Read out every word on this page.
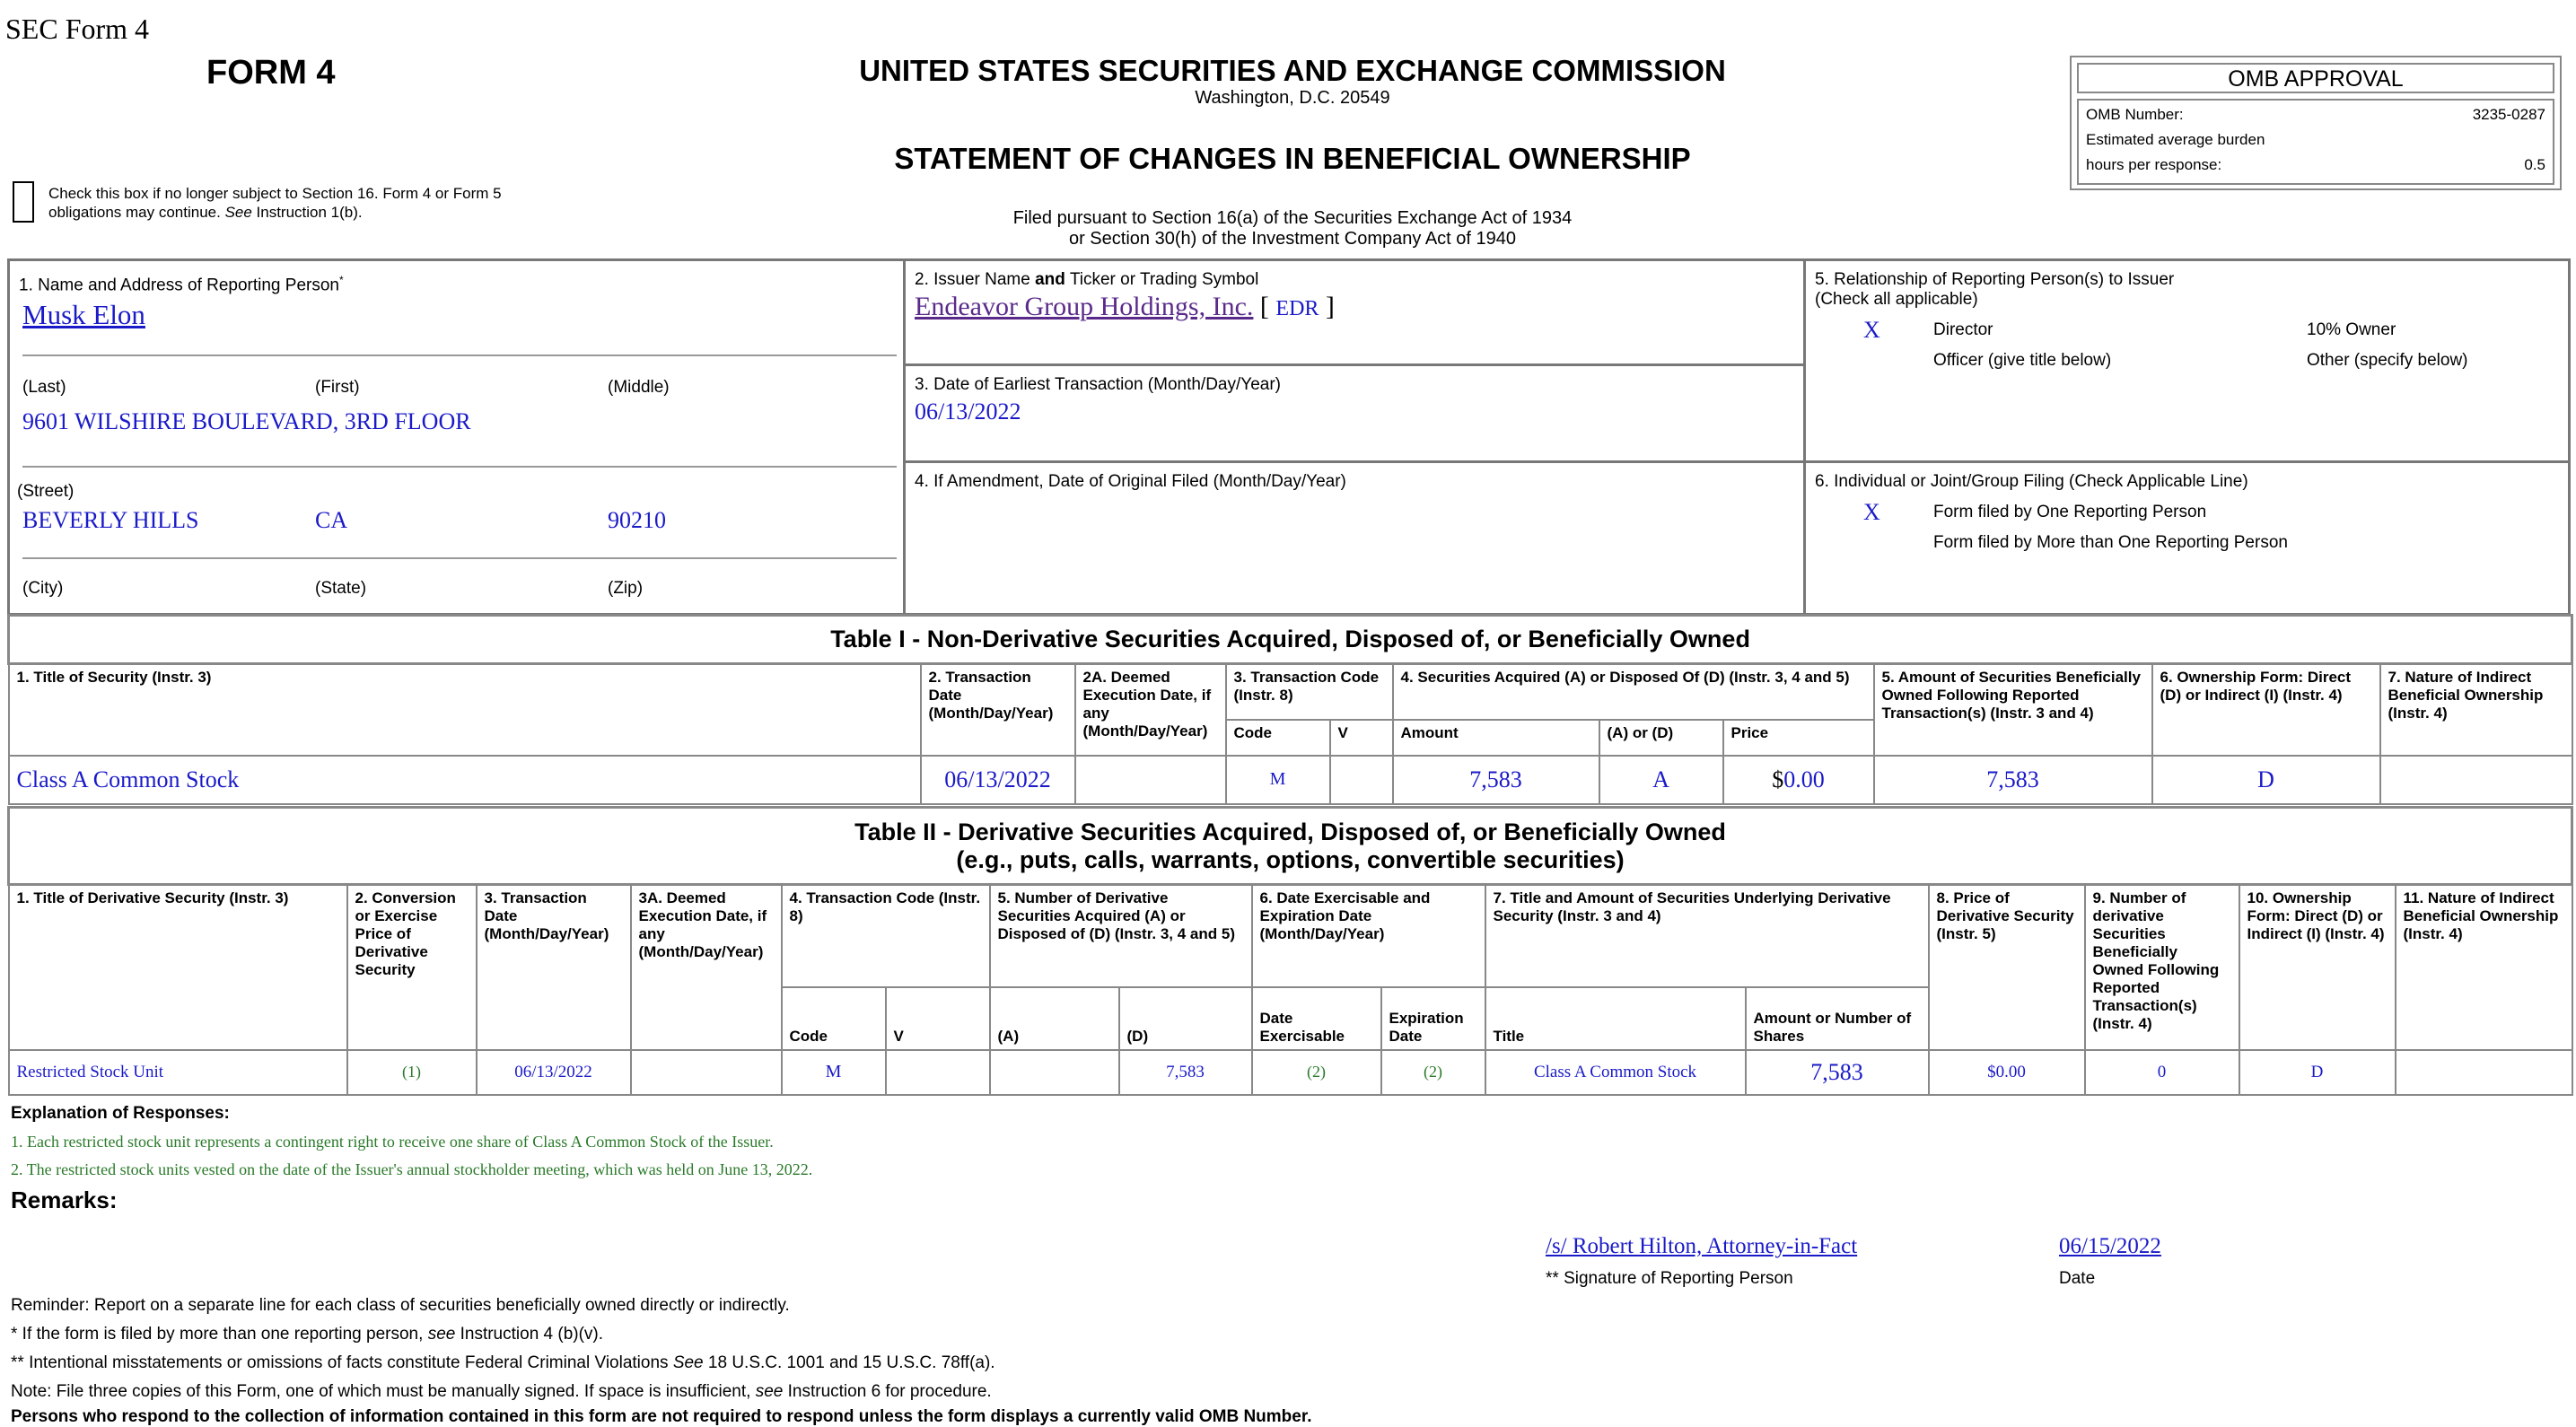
SEC Form 4
FORM 4	UNITED STATES SECURITIES AND EXCHANGE COMMISSION
Washington, D.C. 20549
STATEMENT OF CHANGES IN BENEFICIAL OWNERSHIP
Filed pursuant to Section 16(a) of the Securities Exchange Act of 1934
or Section 30(h) of the Investment Company Act of 1940
Check this box if no longer subject to Section 16. Form 4 or Form 5 obligations may continue. See Instruction 1(b).
OMB APPROVAL
OMB Number:	3235-0287
Estimated average burden
hours per response:	0.5
1. Name and Address of Reporting Person*
Musk Elon
(Last)	(First)	(Middle)
9601 WILSHIRE BOULEVARD, 3RD FLOOR
(Street)
BEVERLY HILLS	CA	90210
(City)	(State)	(Zip)
2. Issuer Name and Ticker or Trading Symbol
Endeavor Group Holdings, Inc. [ EDR ]
3. Date of Earliest Transaction (Month/Day/Year)
06/13/2022
4. If Amendment, Date of Original Filed (Month/Day/Year)
5. Relationship of Reporting Person(s) to Issuer
(Check all applicable)
X	Director	10% Owner
Officer (give title below)	Other (specify below)
6. Individual or Joint/Group Filing (Check Applicable Line)
X	Form filed by One Reporting Person
Form filed by More than One Reporting Person
Table I - Non-Derivative Securities Acquired, Disposed of, or Beneficially Owned										
1. Title of Security (Instr. 3)	2. Transaction Date (Month/Day/Year)	2A. Deemed Execution Date, if any (Month/Day/Year)	3. Transaction Code (Instr. 8)		4. Securities Acquired (A) or Disposed Of (D) (Instr. 3, 4 and 5)			5. Amount of Securities Beneficially Owned Following Reported Transaction(s) (Instr. 3 and 4)	6. Ownership Form: Direct (D) or Indirect (I) (Instr. 4)	7. Nature of Indirect Beneficial Ownership (Instr. 4)
			Code	V	Amount	(A) or (D)	Price			
Class A Common Stock	06/13/2022		M		7,583	A	$0.00	7,583	D	
Table II - Derivative Securities Acquired, Disposed of, or Beneficially Owned
(e.g., puts, calls, warrants, options, convertible securities)															

1. Title of Derivative Security (Instr. 3)	2. Conversion or Exercise Price of Derivative Security	3. Transaction Date (Month/Day/Year)	3A. Deemed Execution Date, if any (Month/Day/Year)	4. Transaction Code (Instr. 8)		5. Number of Derivative Securities Acquired (A) or Disposed of (D) (Instr. 3, 4 and 5)		6. Date Exercisable and Expiration Date (Month/Day/Year)		7. Title and Amount of Securities Underlying Derivative Security (Instr. 3 and 4)		8. Price of Derivative Security (Instr. 5)	9. Number of derivative Securities Beneficially Owned Following Reported Transaction(s) (Instr. 4)	10. Ownership Form: Direct (D) or Indirect (I) (Instr. 4)	11. Nature of Indirect Beneficial Ownership (Instr. 4)
				Code	V	(A)	(D)	Date Exercisable	Expiration Date	Title	Amount or Number of Shares				
Restricted Stock Unit	(1)	06/13/2022		M			7,583	(2)	(2)	Class A Common Stock	7,583	$0.00	0	D	
Explanation of Responses:
1. Each restricted stock unit represents a contingent right to receive one share of Class A Common Stock of the Issuer.
2. The restricted stock units vested on the date of the Issuer's annual stockholder meeting, which was held on June 13, 2022.
Remarks:
/s/ Robert Hilton, Attorney-in-Fact
** Signature of Reporting Person
06/15/2022
Date
Reminder: Report on a separate line for each class of securities beneficially owned directly or indirectly.
* If the form is filed by more than one reporting person, see Instruction 4 (b)(v).
** Intentional misstatements or omissions of facts constitute Federal Criminal Violations See 18 U.S.C. 1001 and 15 U.S.C. 78ff(a).
Note: File three copies of this Form, one of which must be manually signed. If space is insufficient, see Instruction 6 for procedure.
Persons who respond to the collection of information contained in this form are not required to respond unless the form displays a currently valid OMB Number.
